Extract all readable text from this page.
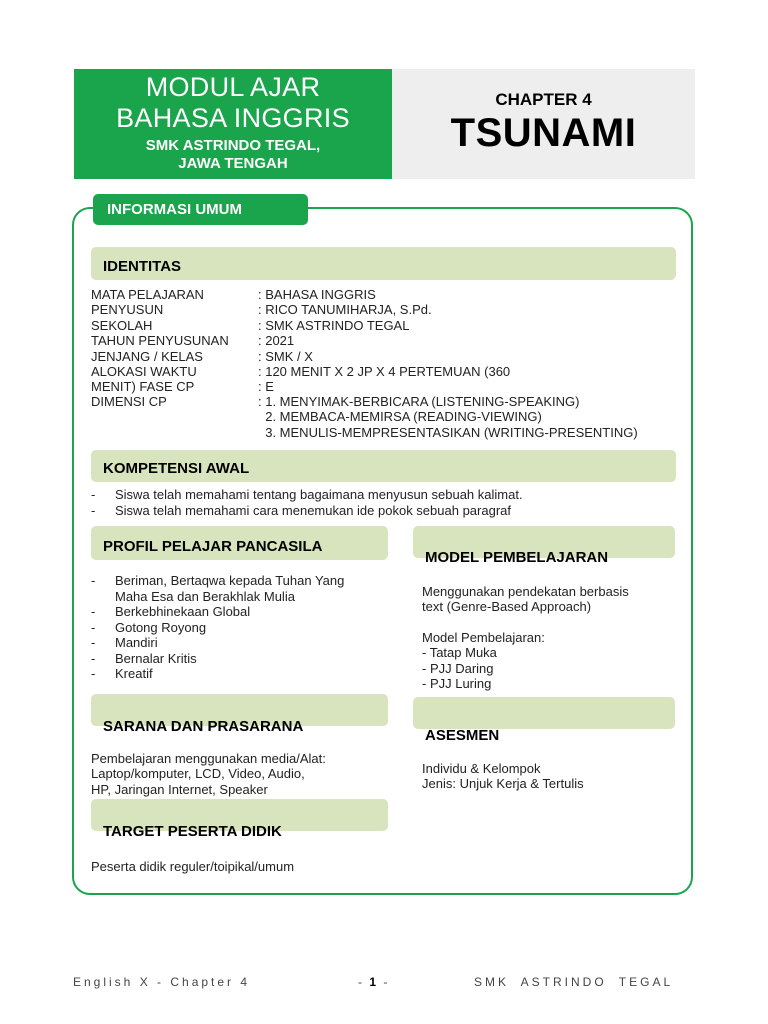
MODUL AJAR
BAHASA INGGRIS
SMK ASTRINDO TEGAL,
JAWA TENGAH
CHAPTER 4
TSUNAMI
INFORMASI UMUM
IDENTITAS
MATA PELAJARAN	: BAHASA INGGRIS
PENYUSUN	: RICO TANUMIHARJA, S.Pd.
SEKOLAH	: SMK ASTRINDO TEGAL
TAHUN PENYUSUNAN : 2021
JENJANG / KELAS	: SMK / X
ALOKASI WAKTU	: 120 MENIT X 2 JP X 4 PERTEMUAN (360
MENIT) FASE CP	: E
DIMENSI CP	: 1. MENYIMAK-BERBICARA (LISTENING-SPEAKING)
2. MEMBACA-MEMIRSA (READING-VIEWING)
3. MENULIS-MEMPRESENTASIKAN (WRITING-PRESENTING)
KOMPETENSI AWAL
- Siswa telah memahami tentang bagaimana menyusun sebuah kalimat.
- Siswa telah memahami cara menemukan ide pokok sebuah paragraf
PROFIL PELAJAR PANCASILA
- Beriman, Bertaqwa kepada Tuhan Yang Maha Esa dan Berakhlak Mulia
- Berkebhinekaan Global
- Gotong Royong
- Mandiri
- Bernalar Kritis
- Kreatif
MODEL PEMBELAJARAN
Menggunakan pendekatan berbasis
text (Genre-Based Approach)
Model Pembelajaran:
- Tatap Muka
- PJJ Daring
- PJJ Luring
SARANA DAN PRASARANA
Pembelajaran menggunakan media/Alat:
Laptop/komputer, LCD, Video, Audio,
HP, Jaringan Internet, Speaker
ASESMEN
Individu & Kelompok
Jenis: Unjuk Kerja & Tertulis
TARGET PESERTA DIDIK
Peserta didik reguler/toipikal/umum
English X - Chapter 4	- 1 -	SMK ASTRINDO TEGAL
